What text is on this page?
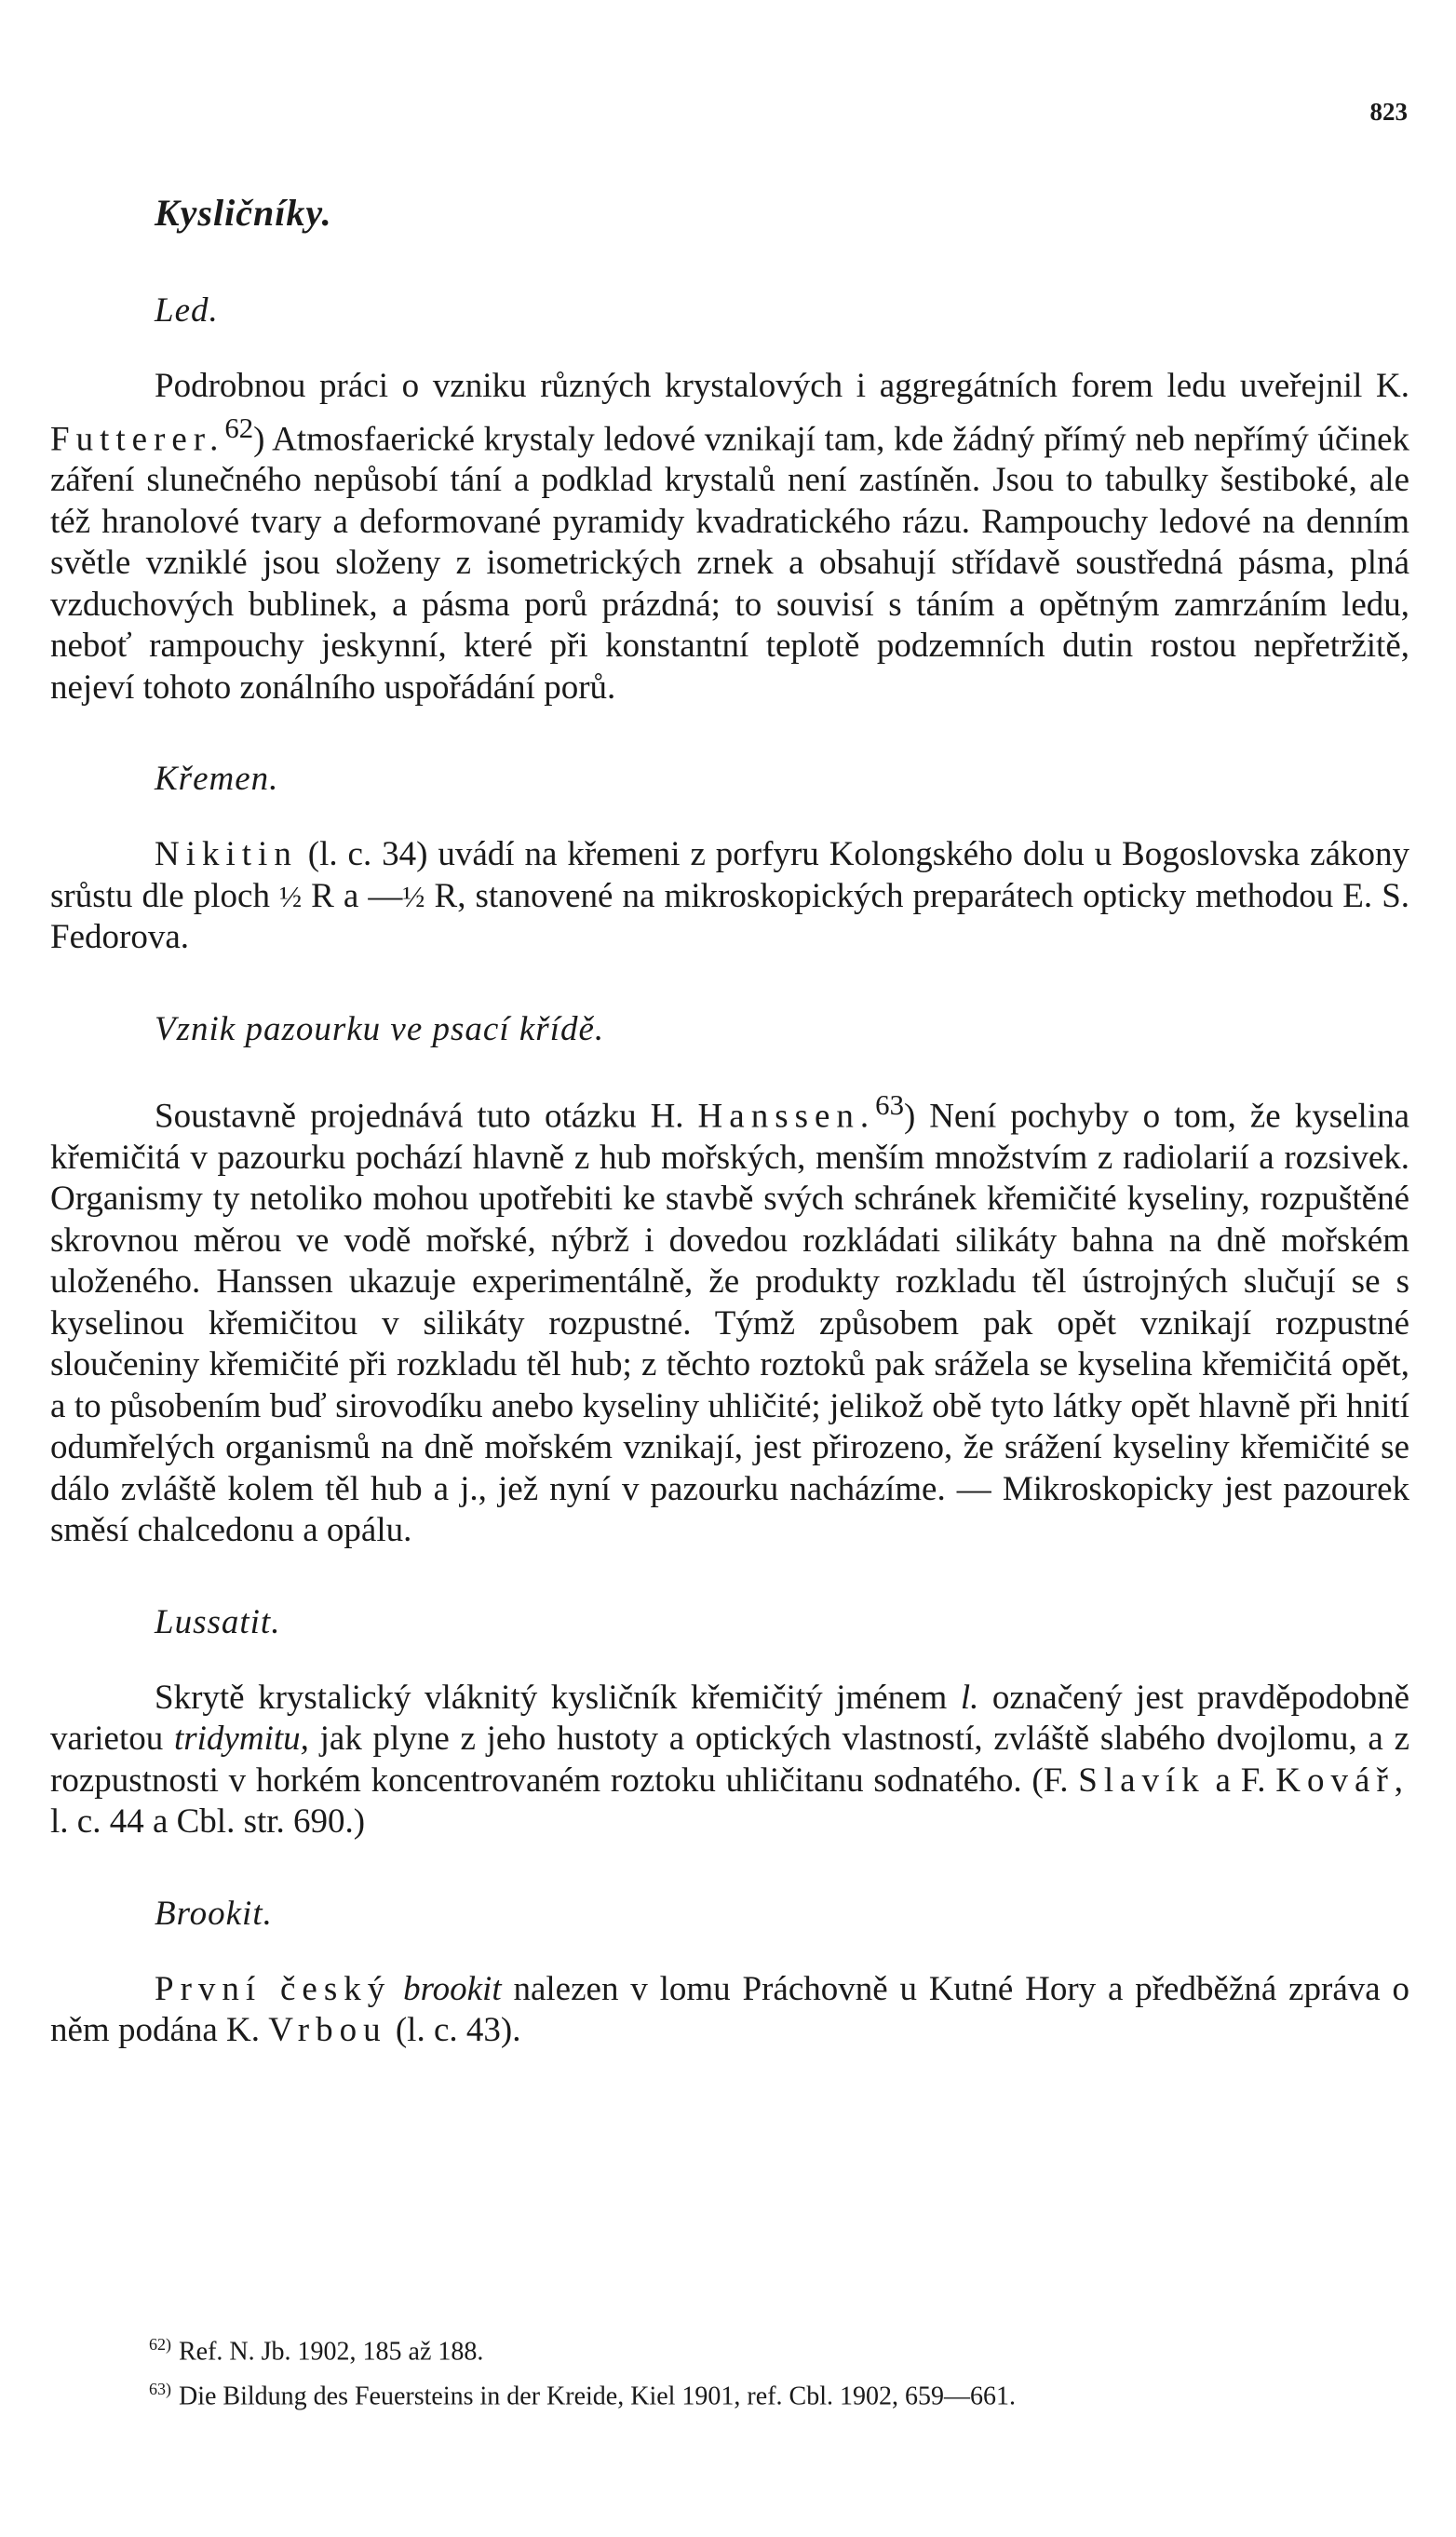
823
Kysličníky.
Led.

Podrobnou práci o vzniku různých krystalových i aggregátních forem ledu uveřejnil K. Futterer.$^{62}$) Atmosfaerické krystaly ledové vznikají tam, kde žádný přímý neb nepřímý účinek záření slunečného nepůsobí tání a podklad krystalů není zastíněn. Jsou to tabulky šestiboké, ale též hranolové tvary a deformované pyramidy kvadratického rázu. Rampouchy ledové na denním světle vzniklé jsou složeny z isometrických zrnek a obsahují střídavě soustředná pásma, plná vzduchových bublinek, a pásma porů prázdná; to souvisí s táním a opětným zamrzáním ledu, neboť rampouchy jeskynní, které při konstantní teplotě podzemních dutin rostou nepřetržitě, nejeví tohoto zonálního uspořádání porů.

Křemen.

Nikitin (l. c. 34) uvádí na křemeni z porfyru Kolongského dolu u Bogoslovska zákony srůstu dle ploch ½ R a —½ R, stanovené na mikroskopických preparátech opticky methodou E. S. Fedorova.

Vznik pazourku ve psací křídě.

Soustavně projednává tuto otázku H. Hanssen.$^{63}$) Není pochyby o tom, že kyselina křemičitá v pazourku pochází hlavně z hub mořských, menším množstvím z radiolarií a rozsivek. Organismy ty netoliko mohou upotřebiti ke stavbě svých schránek křemičité kyseliny, rozpuštěné skrovnou měrou ve vodě mořské, nýbrž i dovedou rozkládati silikáty bahna na dně mořském uloženého. Hanssen ukazuje experimentálně, že produkty rozkladu těl ústrojných slučují se s kyselinou křemičitou v silikáty rozpustné. Týmž způsobem pak opět vznikají rozpustné sloučeniny křemičité při rozkladu těl hub; z těchto roztoků pak srážela se kyselina křemičitá opět, a to působením buď sirovodíku anebo kyseliny uhličité; jelikož obě tyto látky opět hlavně při hnití odumřelých organismů na dně mořském vznikají, jest přirozeno, že srážení kyseliny křemičité se dálo zvláště kolem těl hub a j., jež nyní v pazourku nacházíme. — Mikroskopicky jest pazourek směsí chalcedonu a opálu.

Lussatit.

Skrytě krystalický vláknitý kysličník křemičitý jménem l. označený jest pravděpodobně varietou tridymitu, jak plyne z jeho hustoty a optických vlastností, zvláště slabého dvojlomu, a z rozpustnosti v horkém koncentrovaném roztoku uhličitanu sodnatého. (F. Slavík a F. Kovář, l. c. 44 a Cbl. str. 690.)

Brookit.

První český brookit nalezen v lomu Práchovně u Kutné Hory a předběžná zpráva o něm podána K. Vrbou (l. c. 43).

$^{62)}$ Ref. N. Jb. 1902, 185 až 188.

$^{63)}$ Die Bildung des Feuersteins in der Kreide, Kiel 1901, ref. Cbl. 1902, 659—661.
